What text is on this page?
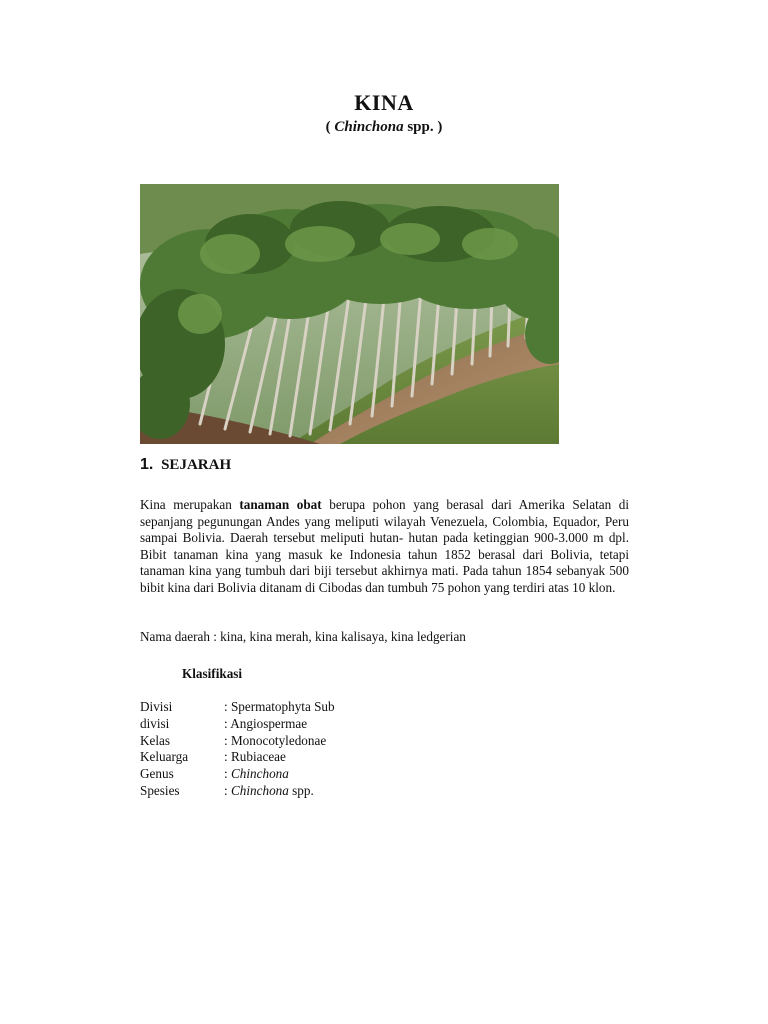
KINA
( Chinchona spp. )
1. SEJARAH
Kina merupakan tanaman obat berupa pohon yang berasal dari Amerika Selatan di sepanjang pegunungan Andes yang meliputi wilayah Venezuela, Colombia, Equador, Peru sampai Bolivia. Daerah tersebut meliputi hutan- hutan pada ketinggian 900-3.000 m dpl. Bibit tanaman kina yang masuk ke Indonesia tahun 1852 berasal dari Bolivia, tetapi tanaman kina yang tumbuh dari biji tersebut akhirnya mati. Pada tahun 1854 sebanyak 500 bibit kina dari Bolivia ditanam di Cibodas dan tumbuh 75 pohon yang terdiri atas 10 klon.
Nama daerah : kina, kina merah, kina kalisaya, kina ledgerian
Klasifikasi
Divisi	: Spermatophyta Sub
divisi	: Angiospermae
Kelas	: Monocotyledonae
Keluarga	: Rubiaceae
Genus	: Chinchona
Spesies	: Chinchona spp.
